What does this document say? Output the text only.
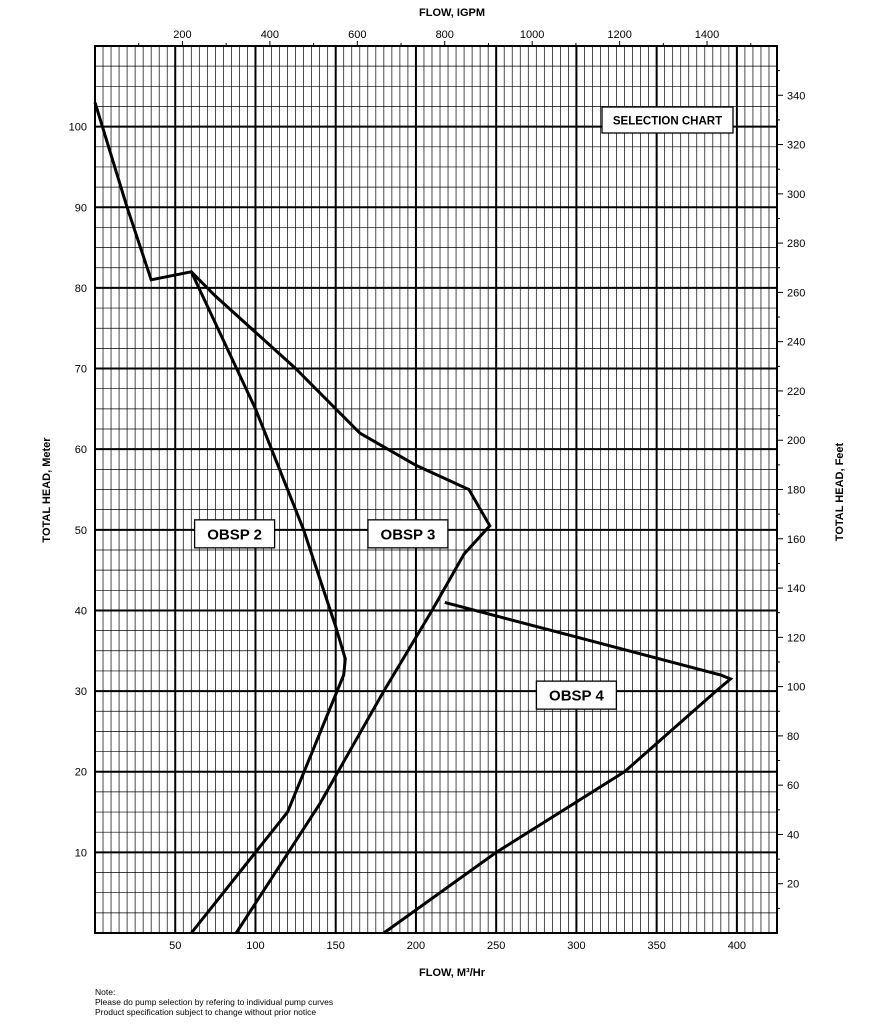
50	100	150	200	250	300	350	400
10
20
30
40
50
60
70
80
90
100
200	400	600	800	1000	1200	1400
20
40
60
80
100
120
140
160
180
200
220
240
260
280
300
320
340
OBSP 2	OBSP 3
OBSP 4
FLOW, IGPM
FLOW, M³/Hr
TOTAL HEAD, Meter	TOTAL HEAD, Feet
SELECTION CHART
Note:
Please do pump selection by refering to individual pump curves
Product specification subject to change without prior notice
